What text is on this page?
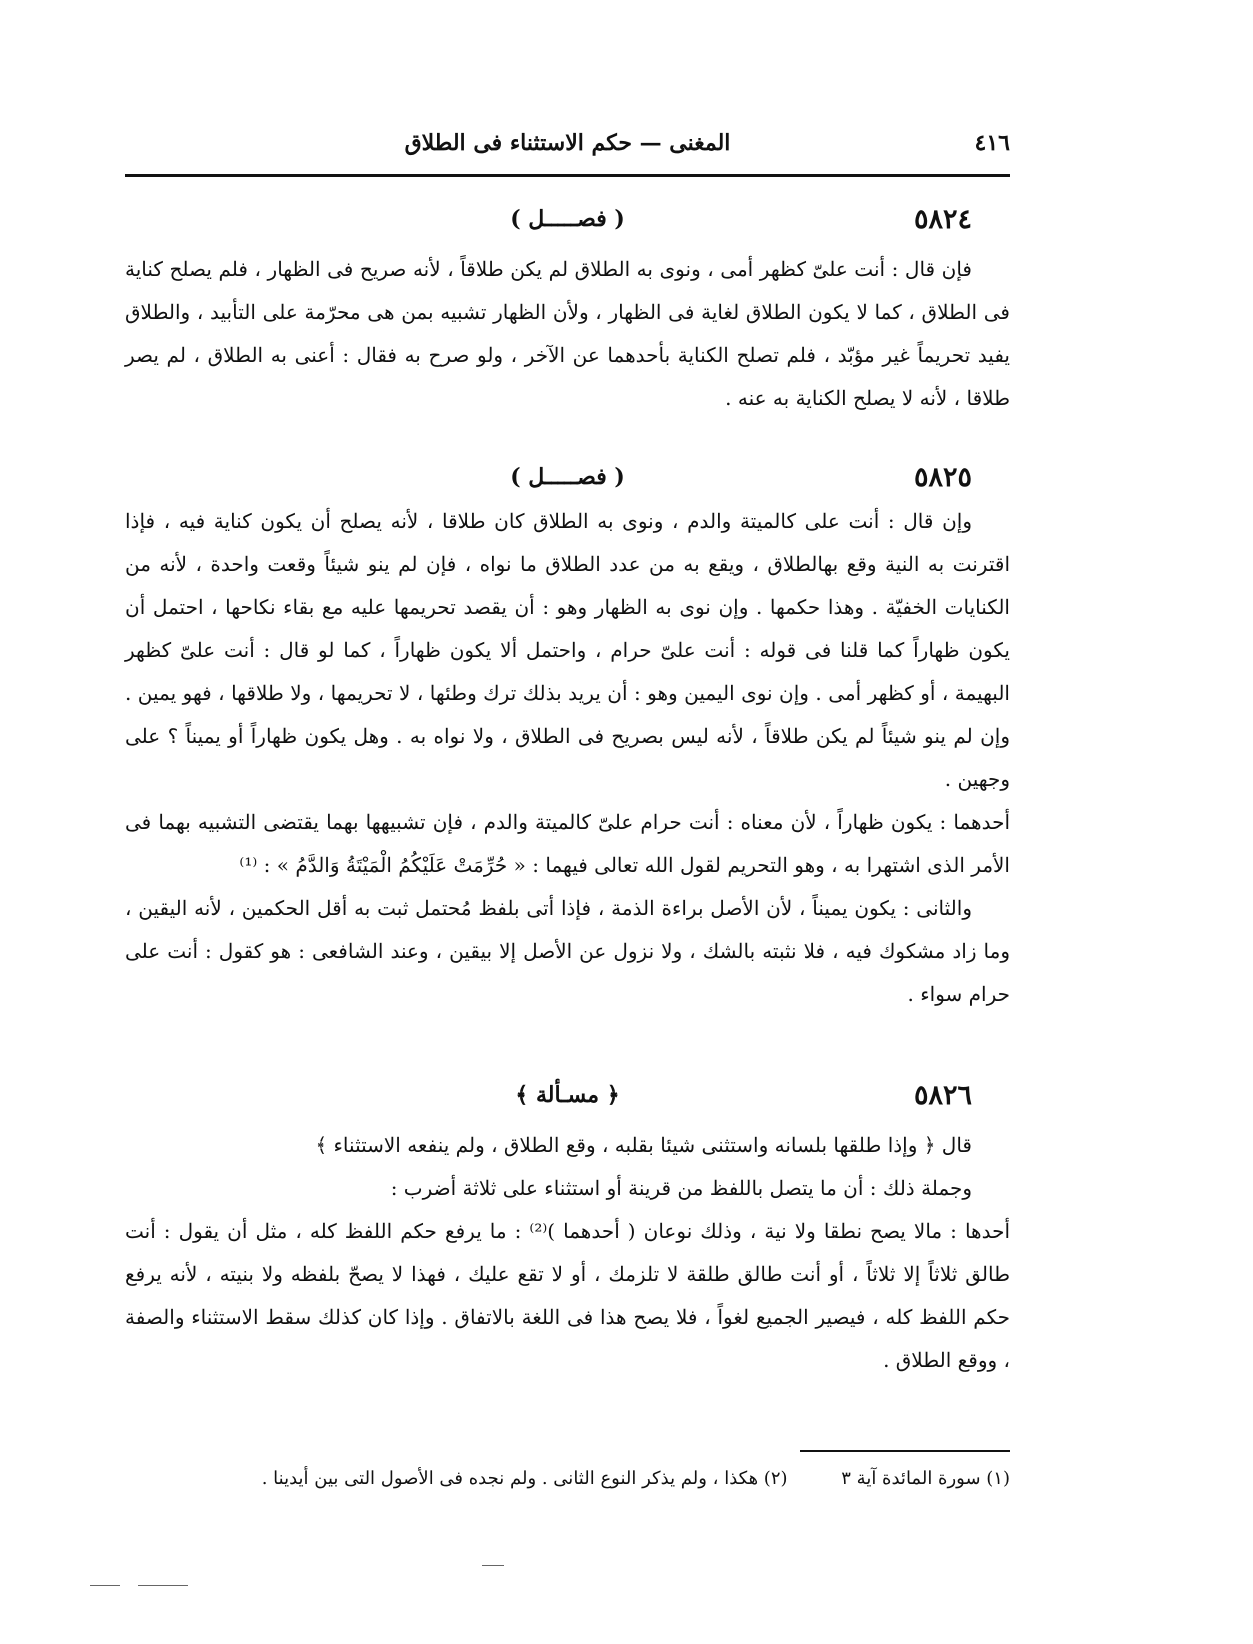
٤١٦
المغنى — حكم الاستثناء فى الطلاق
٥٨٢٤
( فصـــــل )

فإن قال : أنت علىّ كظهر أمى ، ونوى به الطلاق لم يكن طلاقاً ، لأنه صريح فى الظهار ، فلم يصلح كناية فى الطلاق ، كما لا يكون الطلاق لغاية فى الظهار ، ولأن الظهار تشبيه بمن هى محرّمة على التأبيد ، والطلاق يفيد تحريماً غير مؤبّد ، فلم تصلح الكناية بأحدهما عن الآخر ، ولو صرح به فقال : أعنى به الطلاق ، لم يصر طلاقا ، لأنه لا يصلح الكناية به عنه .

٥٨٢٥
( فصـــــل )

وإن قال : أنت على كالميتة والدم ، ونوى به الطلاق كان طلاقا ، لأنه يصلح أن يكون كناية فيه ، فإذا اقترنت به النية وقع بهالطلاق ، ويقع به من عدد الطلاق ما نواه ، فإن لم ينو شيئاً وقعت واحدة ، لأنه من الكنايات الخفيّة . وهذا حكمها . وإن نوى به الظهار وهو : أن يقصد تحريمها عليه مع بقاء نكاحها ، احتمل أن يكون ظهاراً كما قلنا فى قوله : أنت علىّ حرام ، واحتمل ألا يكون ظهاراً ، كما لو قال : أنت علىّ كظهر البهيمة ، أو كظهر أمى . وإن نوى اليمين وهو : أن يريد بذلك ترك وطئها ، لا تحريمها ، ولا طلاقها ، فهو يمين . وإن لم ينو شيئاً لم يكن طلاقاً ، لأنه ليس بصريح فى الطلاق ، ولا نواه به . وهل يكون ظهاراً أو يميناً ؟ على وجهين .

أحدهما : يكون ظهاراً ، لأن معناه : أنت حرام علىّ كالميتة والدم ، فإن تشبيهها بهما يقتضى التشبيه بهما فى الأمر الذى اشتهرا به ، وهو التحريم لقول الله تعالى فيهما : « حُرِّمَتْ عَلَيْكُمُ الْمَيْتَةُ وَالدَّمُ » : ⁽¹⁾

والثانى : يكون يميناً ، لأن الأصل براءة الذمة ، فإذا أتى بلفظ مُحتمل ثبت به أقل الحكمين ، لأنه اليقين ، وما زاد مشكوك فيه ، فلا نثبته بالشك ، ولا نزول عن الأصل إلا بيقين ، وعند الشافعى : هو كقول : أنت على حرام سواء .

٥٨٢٦
﴿ مسـألة ﴾

قال ﴿ وإذا طلقها بلسانه واستثنى شيئا بقلبه ، وقع الطلاق ، ولم ينفعه الاستثناء ﴾

وجملة ذلك : أن ما يتصل باللفظ من قرينة أو استثناء على ثلاثة أضرب :

أحدها : مالا يصح نطقا ولا نية ، وذلك نوعان ( أحدهما )⁽²⁾ : ما يرفع حكم اللفظ كله ، مثل أن يقول : أنت طالق ثلاثاً إلا ثلاثاً ، أو أنت طالق طلقة لا تلزمك ، أو لا تقع عليك ، فهذا لا يصحّ بلفظه ولا بنيته ، لأنه يرفع حكم اللفظ كله ، فيصير الجميع لغواً ، فلا يصح هذا فى اللغة بالاتفاق . وإذا كان كذلك سقط الاستثناء والصفة ، ووقع الطلاق .

(١) سورة المائدة آية ٣ (٢) هكذا ، ولم يذكر النوع الثانى . ولم نجده فى الأصول التى بين أيدينا .
